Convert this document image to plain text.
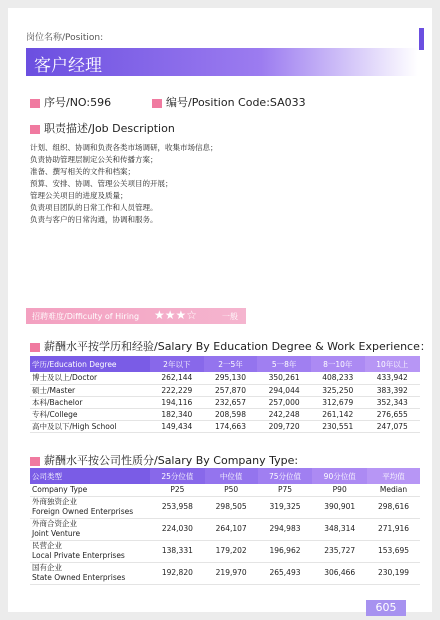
岗位名称/Position:
客户经理
序号/NO:596	编号/Position Code:SA033
职责描述/Job Description
计划、组织、协调和负责各类市场调研，收集市场信息；
负责协助管理层制定公关和传播方案；
准备、撰写相关的文件和档案；
预算、安排、协调、管理公关项目的开展；
管理公关项目的进度及质量；
负责项目团队的日常工作和人员管理。
负责与客户的日常沟通，协调和服务。
招聘难度/Difficulty of Hiring ★★★☆	一般
薪酬水平按学历和经验/Salary By Education Degree & Work Experience：
学历/Education Degree	2年以下	2一5年	5一8年	8一10年	10年以上
博士及以上/Doctor	262,144	295,130	350,261	408,233	433,942
硕士/Master	222,229	257,870	294,044	325,250	383,392
本科/Bachelor	194,116	232,657	257,000	312,679	352,343
专科/College	182,340	208,598	242,248	261,142	276,655
高中及以下/High School	149,434	174,663	209,720	230,551	247,075
薪酬水平按公司性质分/Salary By Company Type:
公司类型	25分位值	中位值	75分位值	90分位值	平均值
Company Type	P25	P50	P75	P90	Median

外商独资企业
Foreign Owned Enterprises	253,958	298,505	319,325	390,901	298,616

外商合资企业
Joint Venture	224,030	264,107	294,983	348,314	271,916

民营企业
Local Private Enterprises	138,331	179,202	196,962	235,727	153,695

国有企业
State Owned Enterprises	192,820	219,970	265,493	306,466	230,199
605
